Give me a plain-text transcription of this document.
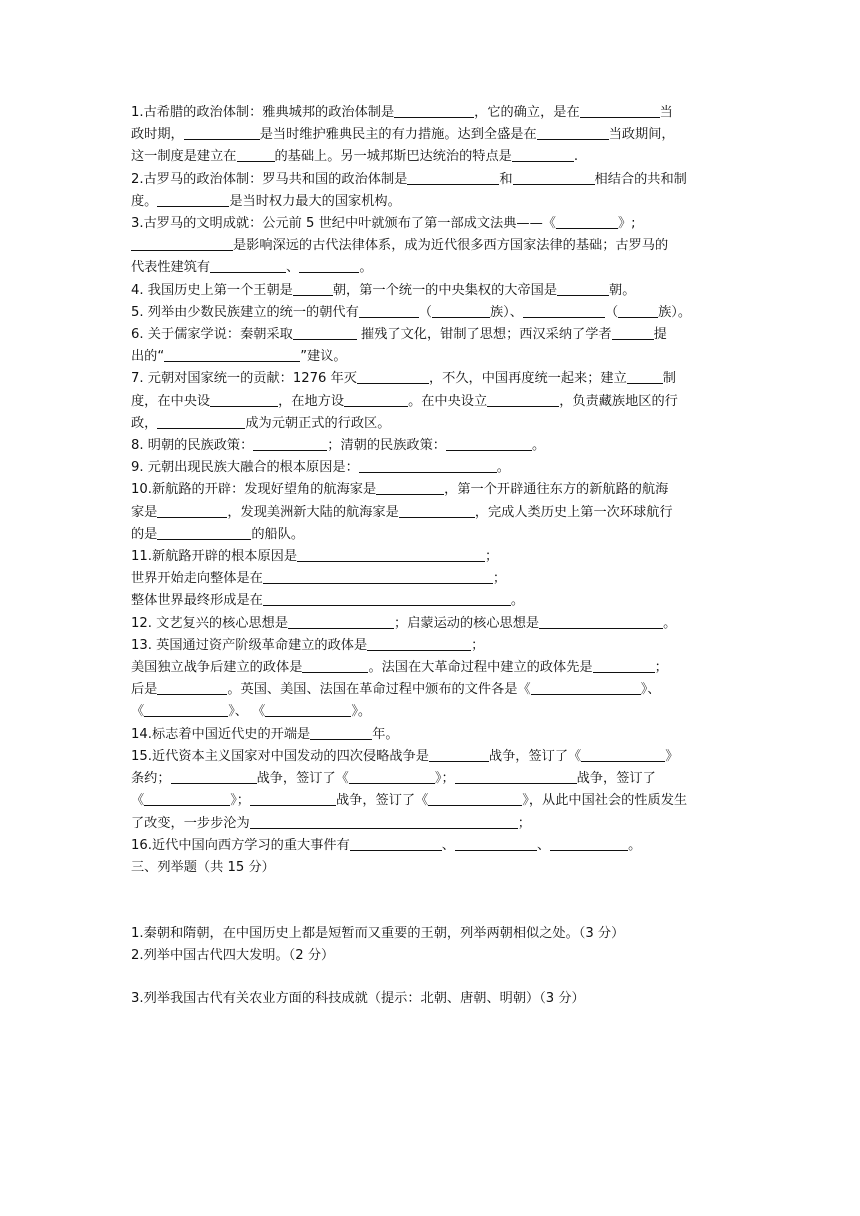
1.古希腊的政治体制：雅典城邦的政治体制是	，它的确立，是在	当
政时期，	是当时维护雅典民主的有力措施。达到全盛是在	当政期间，
这一制度是建立在	的基础上。另一城邦斯巴达统治的特点是	.
2.古罗马的政治体制：罗马共和国的政治体制是	和	相结合的共和制
度。	是当时权力最大的国家机构。
3.古罗马的文明成就：公元前 5 世纪中叶就颁布了第一部成文法典——《	》;
是影响深远的古代法律体系，成为近代很多西方国家法律的基础；古罗马的
代表性建筑有	、	。
4. 我国历史上第一个王朝是	朝，第一个统一的中央集权的大帝国是	朝。
5. 列举由少数民族建立的统一的朝代有	（	族）、	（	族）。
6. 关于儒家学说：秦朝采取	摧残了文化，钳制了思想；西汉采纳了学者	提
出的“	”建议。
7. 元朝对国家统一的贡献：1276 年灭	，不久，中国再度统一起来；建立	制
度，在中央设	，在地方设	。在中央设立	，负责藏族地区的行
政，	成为元朝正式的行政区。
8. 明朝的民族政策：	；清朝的民族政策：	。
9. 元朝出现民族大融合的根本原因是：	。
10.新航路的开辟：发现好望角的航海家是	，第一个开辟通往东方的新航路的航海
家是	，发现美洲新大陆的航海家是	，完成人类历史上第一次环球航行
的是	的船队。
11.新航路开辟的根本原因是	；
世界开始走向整体是在	；
整体世界最终形成是在	。
12. 文艺复兴的核心思想是	；启蒙运动的核心思想是	。
13. 英国通过资产阶级革命建立的政体是	；
美国独立战争后建立的政体是	。法国在大革命过程中建立的政体先是	；
后是	。英国、美国、法国在革命过程中颁布的文件各是《	》、
《	》、 《	》。
14.标志着中国近代史的开端是	年。
15.近代资本主义国家对中国发动的四次侵略战争是	战争，签订了《	》
条约；	战争，签订了《	》；	战争，签订了
《	》；	战争，签订了《	》，从此中国社会的性质发生
了改变，一步步沦为	；
16.近代中国向西方学习的重大事件有	、	、	。
三、列举题（共 15 分）
1.秦朝和隋朝，在中国历史上都是短暂而又重要的王朝，列举两朝相似之处。（3 分）
2.列举中国古代四大发明。（2 分）
3.列举我国古代有关农业方面的科技成就（提示：北朝、唐朝、明朝）（3 分）
